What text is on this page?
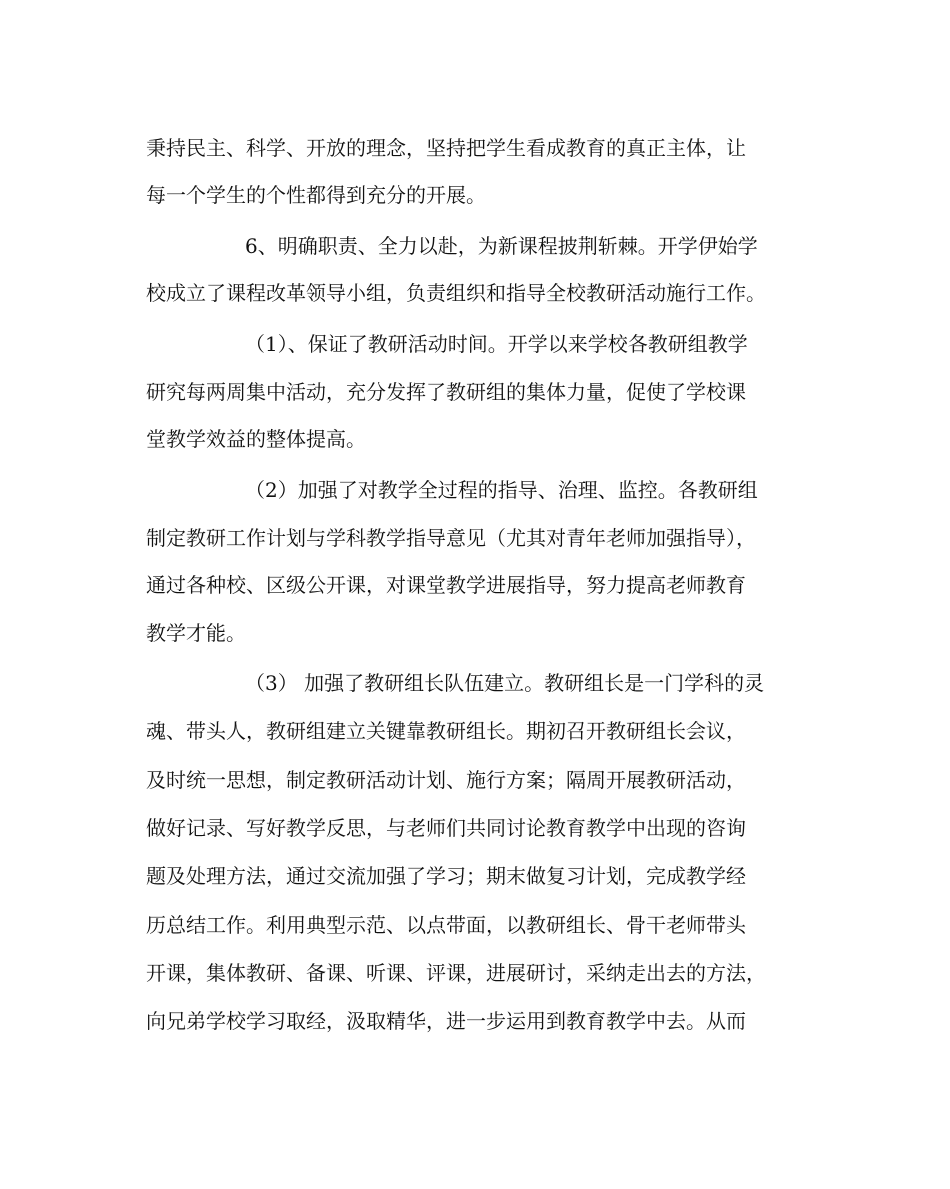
秉持民主、科学、开放的理念，坚持把学生看成教育的真正主体，让
每一个学生的个性都得到充分的开展。
6、明确职责、全力以赴，为新课程披荆斩棘。开学伊始学
校成立了课程改革领导小组，负责组织和指导全校教研活动施行工作。
（1）、保证了教研活动时间。开学以来学校各教研组教学
研究每两周集中活动，充分发挥了教研组的集体力量，促使了学校课
堂教学效益的整体提高。
（2）加强了对教学全过程的指导、治理、监控。各教研组
制定教研工作计划与学科教学指导意见（尤其对青年老师加强指导），
通过各种校、区级公开课，对课堂教学进展指导，努力提高老师教育
教学才能。
（3） 加强了教研组长队伍建立。教研组长是一门学科的灵
魂、带头人，教研组建立关键靠教研组长。期初召开教研组长会议，
及时统一思想，制定教研活动计划、施行方案；隔周开展教研活动，
做好记录、写好教学反思，与老师们共同讨论教育教学中出现的咨询
题及处理方法，通过交流加强了学习；期末做复习计划，完成教学经
历总结工作。利用典型示范、以点带面，以教研组长、骨干老师带头
开课，集体教研、备课、听课、评课，进展研讨，采纳走出去的方法，
向兄弟学校学习取经，汲取精华，进一步运用到教育教学中去。从而
